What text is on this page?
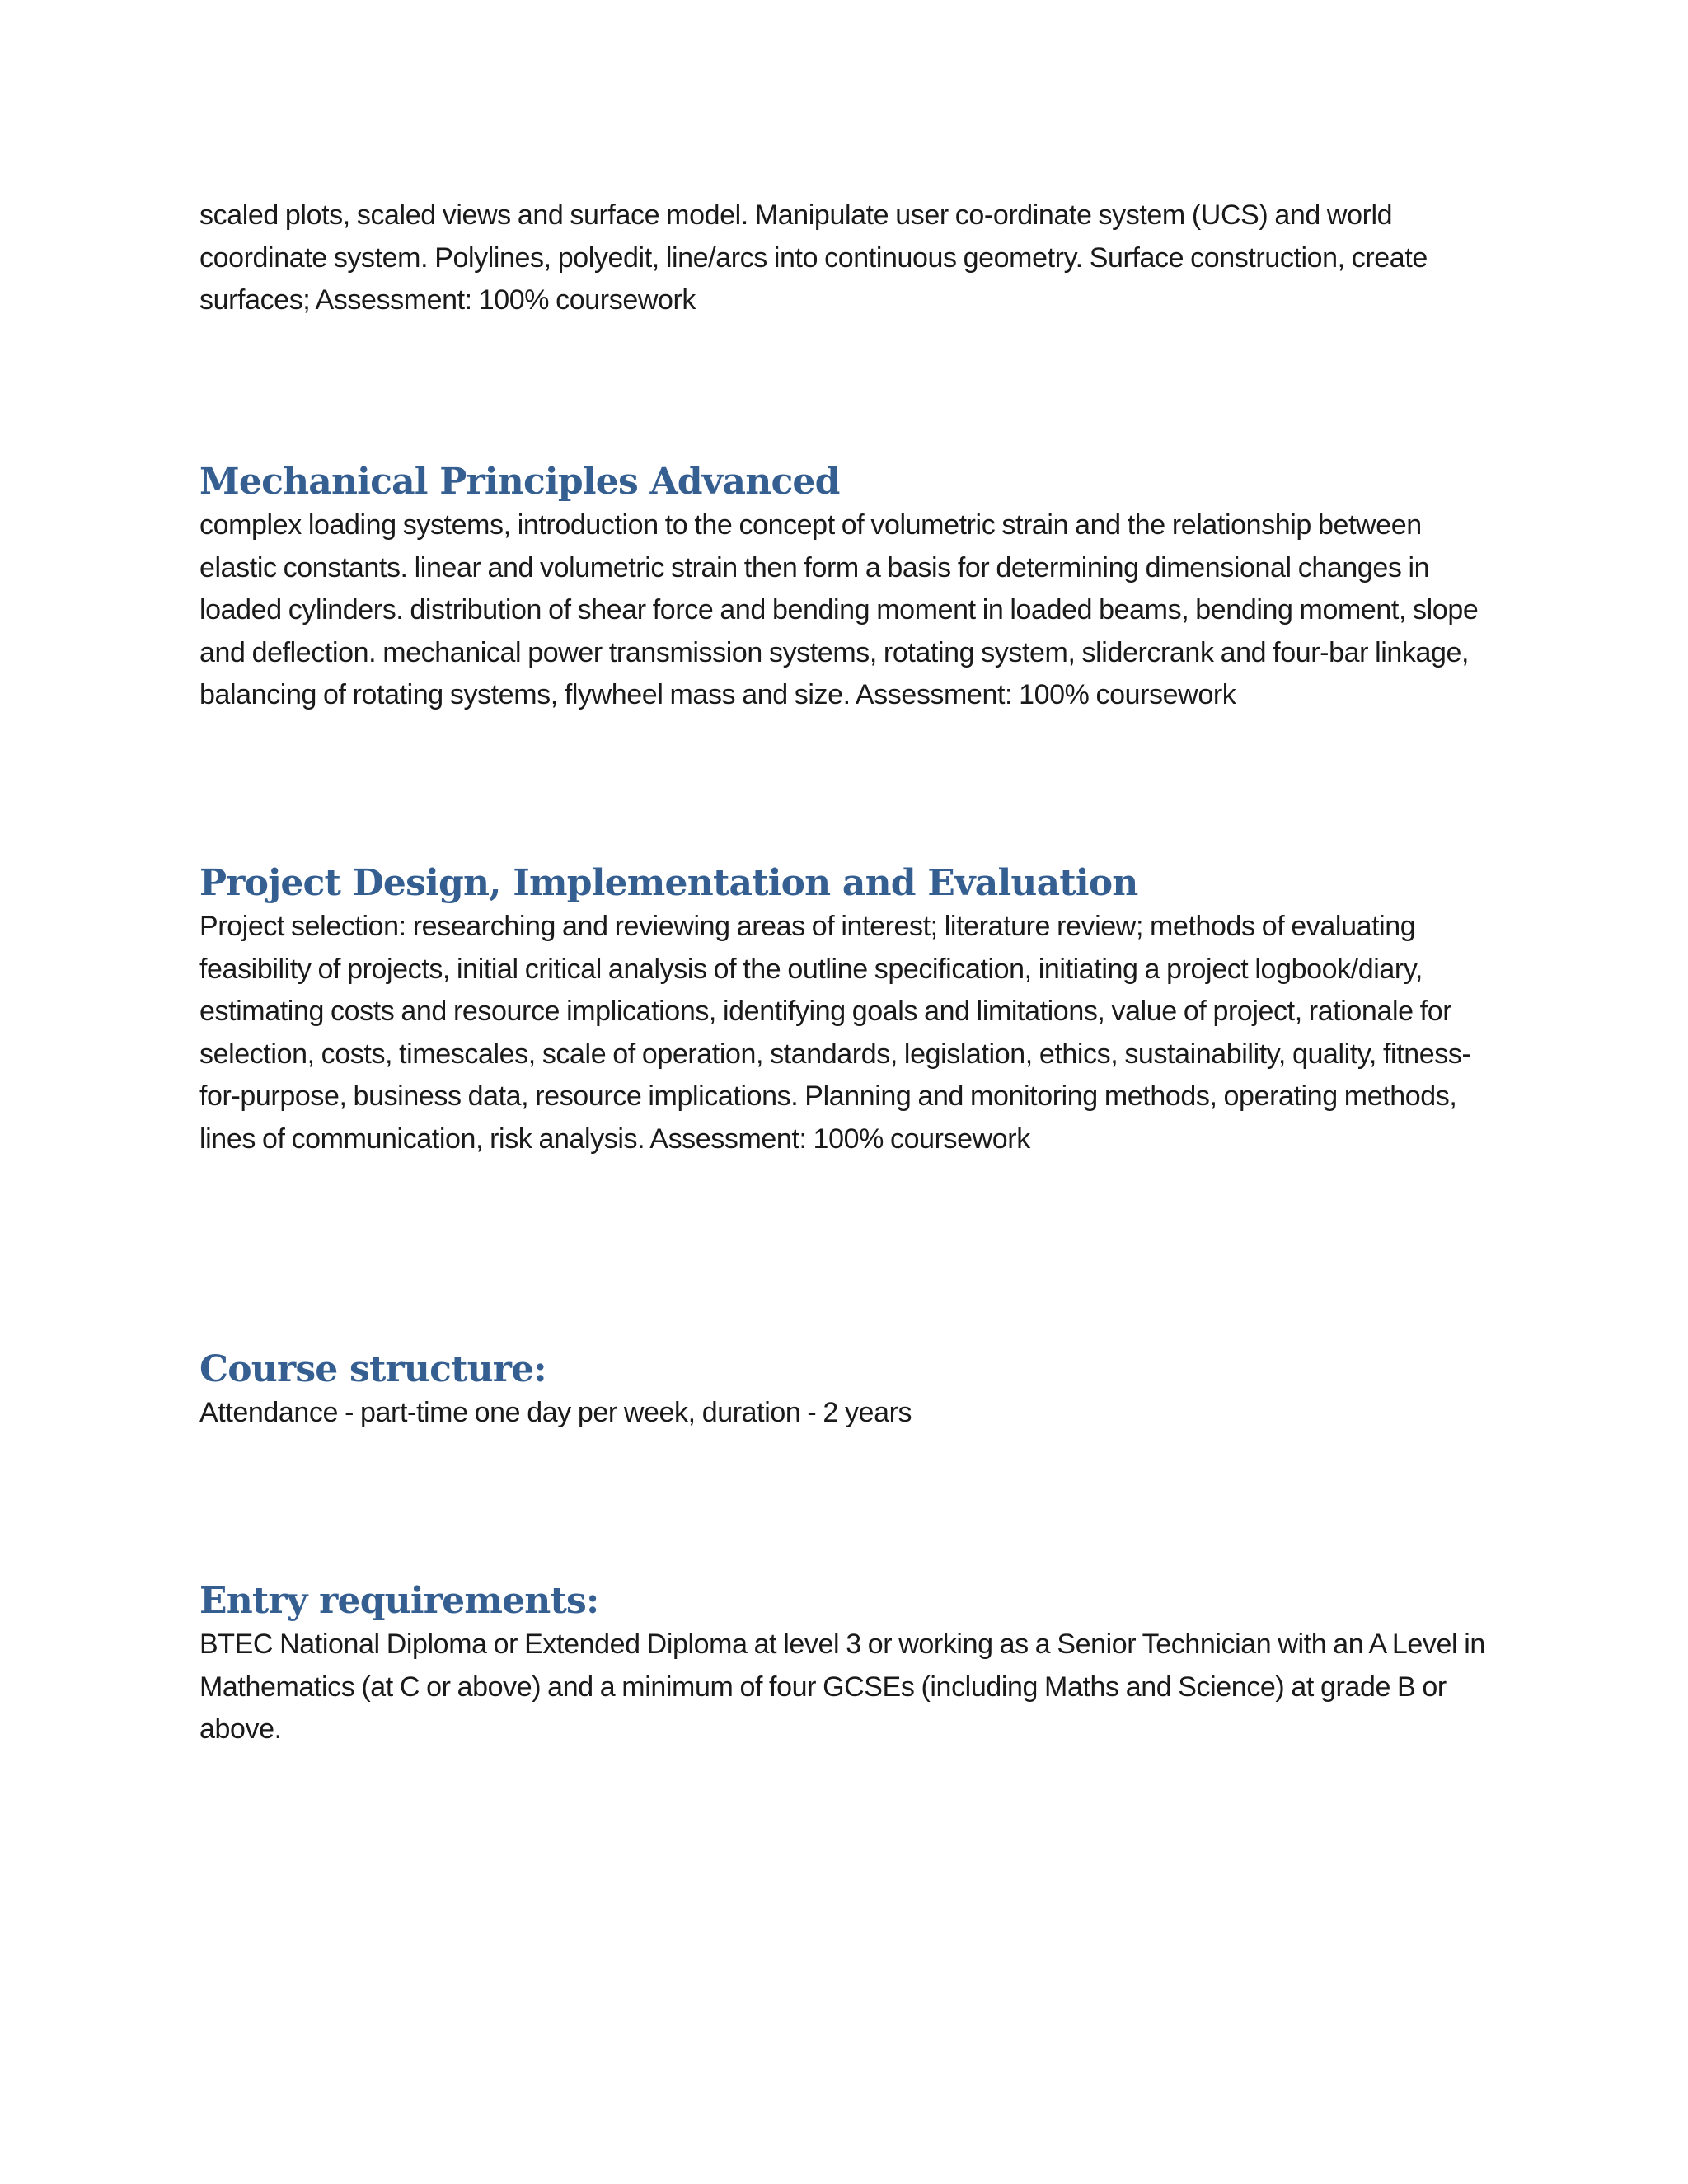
scaled plots, scaled views and surface model. Manipulate user co-ordinate system (UCS) and world coordinate system. Polylines, polyedit, line/arcs into continuous geometry. Surface construction, create surfaces; Assessment: 100% coursework

Mechanical Principles Advanced

complex loading systems, introduction to the concept of volumetric strain and the relationship between elastic constants. linear and volumetric strain then form a basis for determining dimensional changes in loaded cylinders. distribution of shear force and bending moment in loaded beams, bending moment, slope and deflection. mechanical power transmission systems, rotating system, slidercrank and four-bar linkage, balancing of rotating systems, flywheel mass and size. Assessment: 100% coursework

Project Design, Implementation and Evaluation

Project selection: researching and reviewing areas of interest; literature review; methods of evaluating feasibility of projects, initial critical analysis of the outline specification, initiating a project logbook/diary, estimating costs and resource implications, identifying goals and limitations, value of project, rationale for selection, costs, timescales, scale of operation, standards, legislation, ethics, sustainability, quality, fitness-for-purpose, business data, resource implications. Planning and monitoring methods, operating methods, lines of communication, risk analysis. Assessment: 100% coursework

Course structure:

Attendance - part-time one day per week, duration - 2 years

Entry requirements:

BTEC National Diploma or Extended Diploma at level 3 or working as a Senior Technician with an A Level in Mathematics (at C or above) and a minimum of four GCSEs (including Maths and Science) at grade B or above.
